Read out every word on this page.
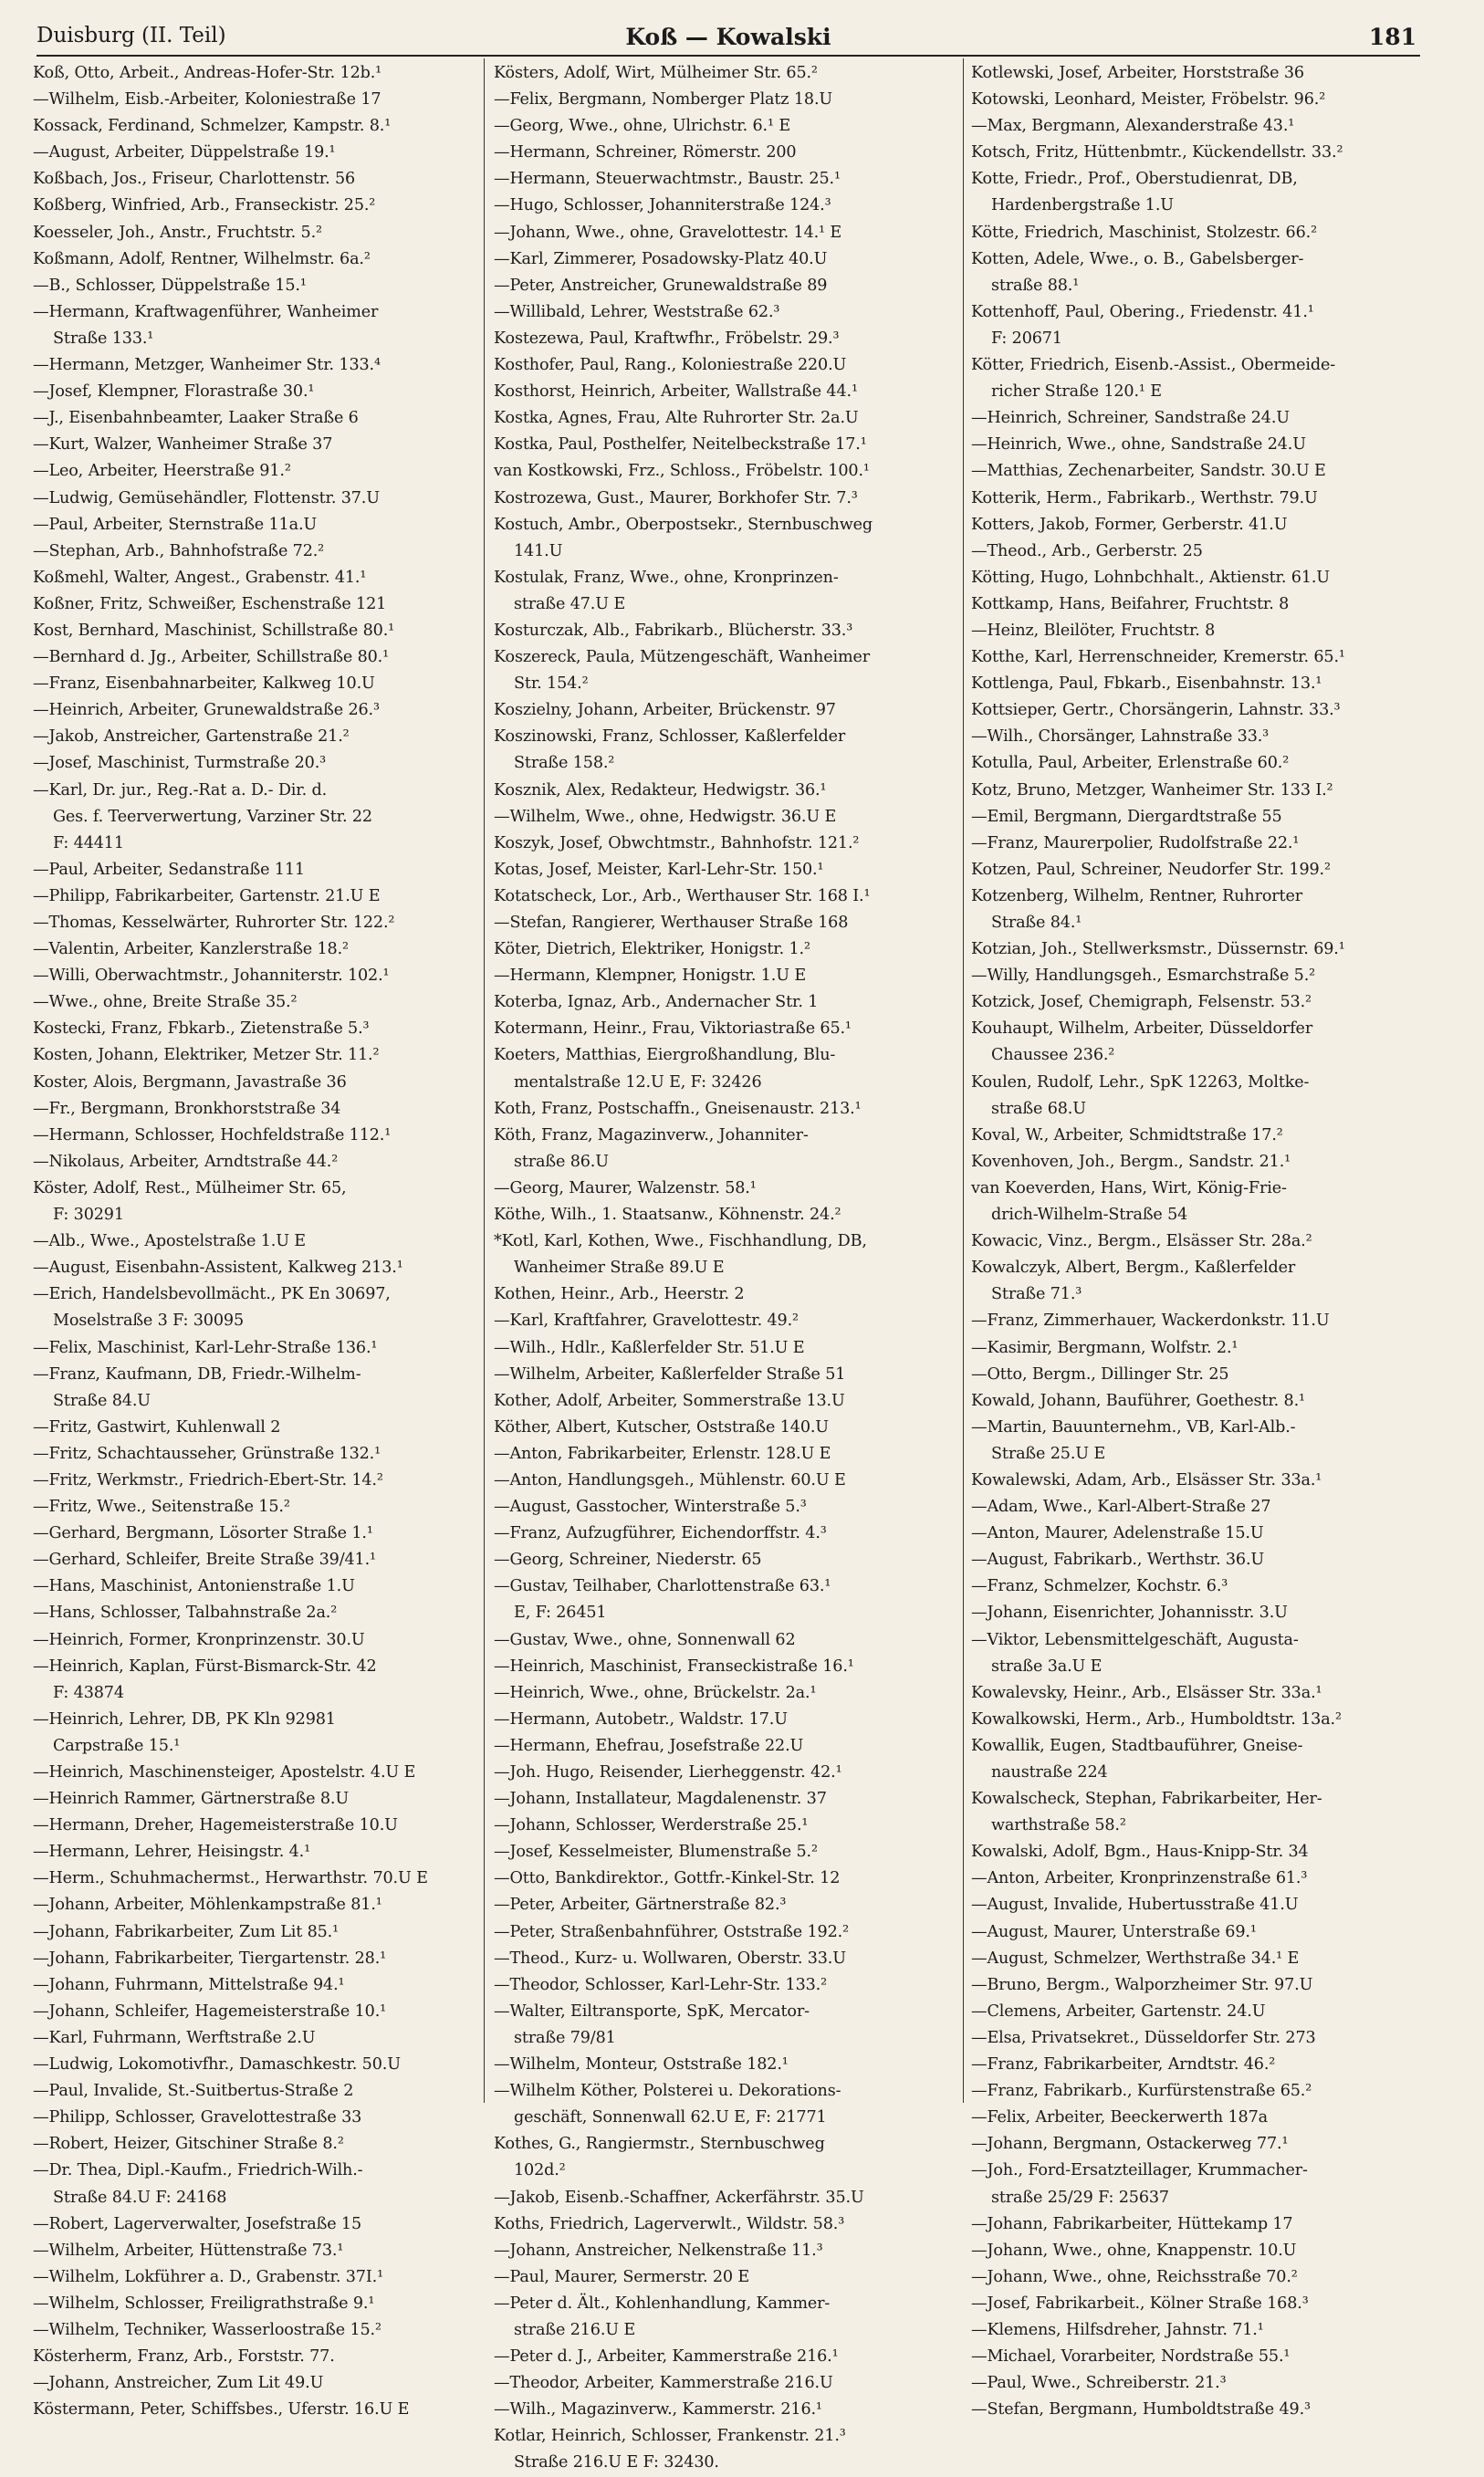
Duisburg (II. Teil)	Koß — Kowalski	181
Koß, Otto, Arbeit., Andreas-Hofer-Str. 12b.¹
—Wilhelm, Eisb.-Arbeiter, Koloniestraße 17
Kossack, Ferdinand, Schmelzer, Kampstr. 8.¹
—August, Arbeiter, Düppelstraße 19.¹
Koßbach, Jos., Friseur, Charlottenstr. 56
Koßberg, Winfried, Arb., Franseckistr. 25.²
Koesseler, Joh., Anstr., Fruchtstr. 5.²
Koßmann, Adolf, Rentner, Wilhelmstr. 6a.²
—B., Schlosser, Düppelstraße 15.¹
—Hermann, Kraftwagenführer, Wanheimer
Straße 133.¹
—Hermann, Metzger, Wanheimer Str. 133.⁴
—Josef, Klempner, Florastraße 30.¹
—J., Eisenbahnbeamter, Laaker Straße 6
—Kurt, Walzer, Wanheimer Straße 37
—Leo, Arbeiter, Heerstraße 91.²
—Ludwig, Gemüsehändler, Flottenstr. 37.U
—Paul, Arbeiter, Sternstraße 11a.U
—Stephan, Arb., Bahnhofstraße 72.²
Koßmehl, Walter, Angest., Grabenstr. 41.¹
Koßner, Fritz, Schweißer, Eschenstraße 121
Kost, Bernhard, Maschinist, Schillstraße 80.¹
—Bernhard d. Jg., Arbeiter, Schillstraße 80.¹
—Franz, Eisenbahnarbeiter, Kalkweg 10.U
—Heinrich, Arbeiter, Grunewaldstraße 26.³
—Jakob, Anstreicher, Gartenstraße 21.²
—Josef, Maschinist, Turmstraße 20.³
—Karl, Dr. jur., Reg.-Rat a. D.- Dir. d.
Ges. f. Teerverwertung, Varziner Str. 22
F: 44411
—Paul, Arbeiter, Sedanstraße 111
—Philipp, Fabrikarbeiter, Gartenstr. 21.U E
—Thomas, Kesselwärter, Ruhrorter Str. 122.²
—Valentin, Arbeiter, Kanzlerstraße 18.²
—Willi, Oberwachtmstr., Johanniterstr. 102.¹
—Wwe., ohne, Breite Straße 35.²
Kostecki, Franz, Fbkarb., Zietenstraße 5.³
Kosten, Johann, Elektriker, Metzer Str. 11.²
Koster, Alois, Bergmann, Javastraße 36
—Fr., Bergmann, Bronkhorststraße 34
—Hermann, Schlosser, Hochfeldstraße 112.¹
—Nikolaus, Arbeiter, Arndtstraße 44.²
Köster, Adolf, Rest., Mülheimer Str. 65,
F: 30291
—Alb., Wwe., Apostelstraße 1.U E
—August, Eisenbahn-Assistent, Kalkweg 213.¹
—Erich, Handelsbevollmächt., PK En 30697,
Moselstraße 3 F: 30095
—Felix, Maschinist, Karl-Lehr-Straße 136.¹
—Franz, Kaufmann, DB, Friedr.-Wilhelm-
Straße 84.U
—Fritz, Gastwirt, Kuhlenwall 2
—Fritz, Schachtausseher, Grünstraße 132.¹
—Fritz, Werkmstr., Friedrich-Ebert-Str. 14.²
—Fritz, Wwe., Seitenstraße 15.²
—Gerhard, Bergmann, Lösorter Straße 1.¹
—Gerhard, Schleifer, Breite Straße 39/41.¹
—Hans, Maschinist, Antonienstraße 1.U
—Hans, Schlosser, Talbahnstraße 2a.²
—Heinrich, Former, Kronprinzenstr. 30.U
—Heinrich, Kaplan, Fürst-Bismarck-Str. 42
F: 43874
—Heinrich, Lehrer, DB, PK Kln 92981
Carpstraße 15.¹
—Heinrich, Maschinensteiger, Apostelstr. 4.U E
—Heinrich Rammer, Gärtnerstraße 8.U
—Hermann, Dreher, Hagemeisterstraße 10.U
—Hermann, Lehrer, Heisingstr. 4.¹
—Herm., Schuhmachermst., Herwarthstr. 70.U E
—Johann, Arbeiter, Möhlenkampstraße 81.¹
—Johann, Fabrikarbeiter, Zum Lit 85.¹
—Johann, Fabrikarbeiter, Tiergartenstr. 28.¹
—Johann, Fuhrmann, Mittelstraße 94.¹
—Johann, Schleifer, Hagemeisterstraße 10.¹
—Karl, Fuhrmann, Werftstraße 2.U
—Ludwig, Lokomotivfhr., Damaschkestr. 50.U
—Paul, Invalide, St.-Suitbertus-Straße 2
—Philipp, Schlosser, Gravelottestraße 33
—Robert, Heizer, Gitschiner Straße 8.²
—Dr. Thea, Dipl.-Kaufm., Friedrich-Wilh.-
Straße 84.U F: 24168
—Robert, Lagerverwalter, Josefstraße 15
—Wilhelm, Arbeiter, Hüttenstraße 73.¹
—Wilhelm, Lokführer a. D., Grabenstr. 37I.¹
—Wilhelm, Schlosser, Freiligrathstraße 9.¹
—Wilhelm, Techniker, Wasserloostraße 15.²
Kösterherm, Franz, Arb., Forststr. 77.
—Johann, Anstreicher, Zum Lit 49.U
Köstermann, Peter, Schiffsbes., Uferstr. 16.U E
Kösters, Adolf, Wirt, Mülheimer Str. 65.²
—Felix, Bergmann, Nomberger Platz 18.U
—Georg, Wwe., ohne, Ulrichstr. 6.¹ E
—Hermann, Schreiner, Römerstr. 200
—Hermann, Steuerwachtmstr., Baustr. 25.¹
—Hugo, Schlosser, Johanniterstraße 124.³
—Johann, Wwe., ohne, Gravelottestr. 14.¹ E
—Karl, Zimmerer, Posadowsky-Platz 40.U
—Peter, Anstreicher, Grunewaldstraße 89
—Willibald, Lehrer, Weststraße 62.³
Kostezewa, Paul, Kraftwfhr., Fröbelstr. 29.³
Kosthofer, Paul, Rang., Koloniestraße 220.U
Kosthorst, Heinrich, Arbeiter, Wallstraße 44.¹
Kostka, Agnes, Frau, Alte Ruhrorter Str. 2a.U
Kostka, Paul, Posthelfer, Neitelbeckstraße 17.¹
van Kostkowski, Frz., Schloss., Fröbelstr. 100.¹
Kostrozewa, Gust., Maurer, Borkhofer Str. 7.³
Kostuch, Ambr., Oberpostsekr., Sternbuschweg
141.U
Kostulak, Franz, Wwe., ohne, Kronprinzen-
straße 47.U E
Kosturczak, Alb., Fabrikarb., Blücherstr. 33.³
Koszereck, Paula, Mützengeschäft, Wanheimer
Str. 154.²
Koszielny, Johann, Arbeiter, Brückenstr. 97
Koszinowski, Franz, Schlosser, Kaßlerfelder
Straße 158.²
Kosznik, Alex, Redakteur, Hedwigstr. 36.¹
—Wilhelm, Wwe., ohne, Hedwigstr. 36.U E
Koszyk, Josef, Obwchtmstr., Bahnhofstr. 121.²
Kotas, Josef, Meister, Karl-Lehr-Str. 150.¹
Kotatscheck, Lor., Arb., Werthauser Str. 168 I.¹
—Stefan, Rangierer, Werthauser Straße 168
Köter, Dietrich, Elektriker, Honigstr. 1.²
—Hermann, Klempner, Honigstr. 1.U E
Koterba, Ignaz, Arb., Andernacher Str. 1
Kotermann, Heinr., Frau, Viktoriastraße 65.¹
Koeters, Matthias, Eiergroßhandlung, Blu-
mentalstraße 12.U E, F: 32426
Koth, Franz, Postschaffn., Gneisenaustr. 213.¹
Köth, Franz, Magazinverw., Johanniter-
straße 86.U
—Georg, Maurer, Walzenstr. 58.¹
Köthe, Wilh., 1. Staatsanw., Köhnenstr. 24.²
*Kotl, Karl, Kothen, Wwe., Fischhandlung, DB,
Wanheimer Straße 89.U E
Kothen, Heinr., Arb., Heerstr. 2
—Karl, Kraftfahrer, Gravelottestr. 49.²
—Wilh., Hdlr., Kaßlerfelder Str. 51.U E
—Wilhelm, Arbeiter, Kaßlerfelder Straße 51
Kother, Adolf, Arbeiter, Sommerstraße 13.U
Köther, Albert, Kutscher, Oststraße 140.U
—Anton, Fabrikarbeiter, Erlenstr. 128.U E
—Anton, Handlungsgeh., Mühlenstr. 60.U E
—August, Gasstocher, Winterstraße 5.³
—Franz, Aufzugführer, Eichendorffstr. 4.³
—Georg, Schreiner, Niederstr. 65
—Gustav, Teilhaber, Charlottenstraße 63.¹
E, F: 26451
—Gustav, Wwe., ohne, Sonnenwall 62
—Heinrich, Maschinist, Franseckistraße 16.¹
—Heinrich, Wwe., ohne, Brückelstr. 2a.¹
—Hermann, Autobetr., Waldstr. 17.U
—Hermann, Ehefrau, Josefstraße 22.U
—Joh. Hugo, Reisender, Lierheggenstr. 42.¹
—Johann, Installateur, Magdalenenstr. 37
—Johann, Schlosser, Werderstraße 25.¹
—Josef, Kesselmeister, Blumenstraße 5.²
—Otto, Bankdirektor., Gottfr.-Kinkel-Str. 12
—Peter, Arbeiter, Gärtnerstraße 82.³
—Peter, Straßenbahnführer, Oststraße 192.²
—Theod., Kurz- u. Wollwaren, Oberstr. 33.U
—Theodor, Schlosser, Karl-Lehr-Str. 133.²
—Walter, Eiltransporte, SpK, Mercator-
straße 79/81
—Wilhelm, Monteur, Oststraße 182.¹
—Wilhelm Köther, Polsterei u. Dekorations-
geschäft, Sonnenwall 62.U E, F: 21771
Kothes, G., Rangiermstr., Sternbuschweg
102d.²
—Jakob, Eisenb.-Schaffner, Ackerfährstr. 35.U
Koths, Friedrich, Lagerverwlt., Wildstr. 58.³
—Johann, Anstreicher, Nelkenstraße 11.³
—Paul, Maurer, Sermerstr. 20 E
—Peter d. Ält., Kohlenhandlung, Kammer-
straße 216.U E
—Peter d. J., Arbeiter, Kammerstraße 216.¹
—Theodor, Arbeiter, Kammerstraße 216.U
—Wilh., Magazinverw., Kammerstr. 216.¹
Kotlar, Heinrich, Schlosser, Frankenstr. 21.³
Straße 216.U E F: 32430.
Kotlewski, Josef, Arbeiter, Horststraße 36
Kotowski, Leonhard, Meister, Fröbelstr. 96.²
—Max, Bergmann, Alexanderstraße 43.¹
Kotsch, Fritz, Hüttenbmtr., Kückendellstr. 33.²
Kotte, Friedr., Prof., Oberstudienrat, DB,
Hardenbergstraße 1.U
Kötte, Friedrich, Maschinist, Stolzestr. 66.²
Kotten, Adele, Wwe., o. B., Gabelsberger-
straße 88.¹
Kottenhoff, Paul, Obering., Friedenstr. 41.¹
F: 20671
Kötter, Friedrich, Eisenb.-Assist., Obermeide-
richer Straße 120.¹ E
—Heinrich, Schreiner, Sandstraße 24.U
—Heinrich, Wwe., ohne, Sandstraße 24.U
—Matthias, Zechenarbeiter, Sandstr. 30.U E
Kotterik, Herm., Fabrikarb., Werthstr. 79.U
Kotters, Jakob, Former, Gerberstr. 41.U
—Theod., Arb., Gerberstr. 25
Kötting, Hugo, Lohnbchhalt., Aktienstr. 61.U
Kottkamp, Hans, Beifahrer, Fruchtstr. 8
—Heinz, Bleilöter, Fruchtstr. 8
Kotthe, Karl, Herrenschneider, Kremerstr. 65.¹
Kottlenga, Paul, Fbkarb., Eisenbahnstr. 13.¹
Kottsieper, Gertr., Chorsängerin, Lahnstr. 33.³
—Wilh., Chorsänger, Lahnstraße 33.³
Kotulla, Paul, Arbeiter, Erlenstraße 60.²
Kotz, Bruno, Metzger, Wanheimer Str. 133 I.²
—Emil, Bergmann, Diergardtstraße 55
—Franz, Maurerpolier, Rudolfstraße 22.¹
Kotzen, Paul, Schreiner, Neudorfer Str. 199.²
Kotzenberg, Wilhelm, Rentner, Ruhrorter
Straße 84.¹
Kotzian, Joh., Stellwerksmstr., Düssernstr. 69.¹
—Willy, Handlungsgeh., Esmarchstraße 5.²
Kotzick, Josef, Chemigraph, Felsenstr. 53.²
Kouhaupt, Wilhelm, Arbeiter, Düsseldorfer
Chaussee 236.²
Koulen, Rudolf, Lehr., SpK 12263, Moltke-
straße 68.U
Koval, W., Arbeiter, Schmidtstraße 17.²
Kovenhoven, Joh., Bergm., Sandstr. 21.¹
van Koeverden, Hans, Wirt, König-Frie-
drich-Wilhelm-Straße 54
Kowacic, Vinz., Bergm., Elsässer Str. 28a.²
Kowalczyk, Albert, Bergm., Kaßlerfelder
Straße 71.³
—Franz, Zimmerhauer, Wackerdonkstr. 11.U
—Kasimir, Bergmann, Wolfstr. 2.¹
—Otto, Bergm., Dillinger Str. 25
Kowald, Johann, Bauführer, Goethestr. 8.¹
—Martin, Bauunternehm., VB, Karl-Alb.-
Straße 25.U E
Kowalewski, Adam, Arb., Elsässer Str. 33a.¹
—Adam, Wwe., Karl-Albert-Straße 27
—Anton, Maurer, Adelenstraße 15.U
—August, Fabrikarb., Werthstr. 36.U
—Franz, Schmelzer, Kochstr. 6.³
—Johann, Eisenrichter, Johannisstr. 3.U
—Viktor, Lebensmittelgeschäft, Augusta-
straße 3a.U E
Kowalevsky, Heinr., Arb., Elsässer Str. 33a.¹
Kowalkowski, Herm., Arb., Humboldtstr. 13a.²
Kowallik, Eugen, Stadtbauführer, Gneise-
naustraße 224
Kowalscheck, Stephan, Fabrikarbeiter, Her-
warthstraße 58.²
Kowalski, Adolf, Bgm., Haus-Knipp-Str. 34
—Anton, Arbeiter, Kronprinzenstraße 61.³
—August, Invalide, Hubertusstraße 41.U
—August, Maurer, Unterstraße 69.¹
—August, Schmelzer, Werthstraße 34.¹ E
—Bruno, Bergm., Walporzheimer Str. 97.U
—Clemens, Arbeiter, Gartenstr. 24.U
—Elsa, Privatsekret., Düsseldorfer Str. 273
—Franz, Fabrikarbeiter, Arndtstr. 46.²
—Franz, Fabrikarb., Kurfürstenstraße 65.²
—Felix, Arbeiter, Beeckerwerth 187a
—Johann, Bergmann, Ostackerweg 77.¹
—Joh., Ford-Ersatzteillager, Krummacher-
straße 25/29 F: 25637
—Johann, Fabrikarbeiter, Hüttekamp 17
—Johann, Wwe., ohne, Knappenstr. 10.U
—Johann, Wwe., ohne, Reichsstraße 70.²
—Josef, Fabrikarbeit., Kölner Straße 168.³
—Klemens, Hilfsdreher, Jahnstr. 71.¹
—Michael, Vorarbeiter, Nordstraße 55.¹
—Paul, Wwe., Schreiberstr. 21.³
—Stefan, Bergmann, Humboldtstraße 49.³
